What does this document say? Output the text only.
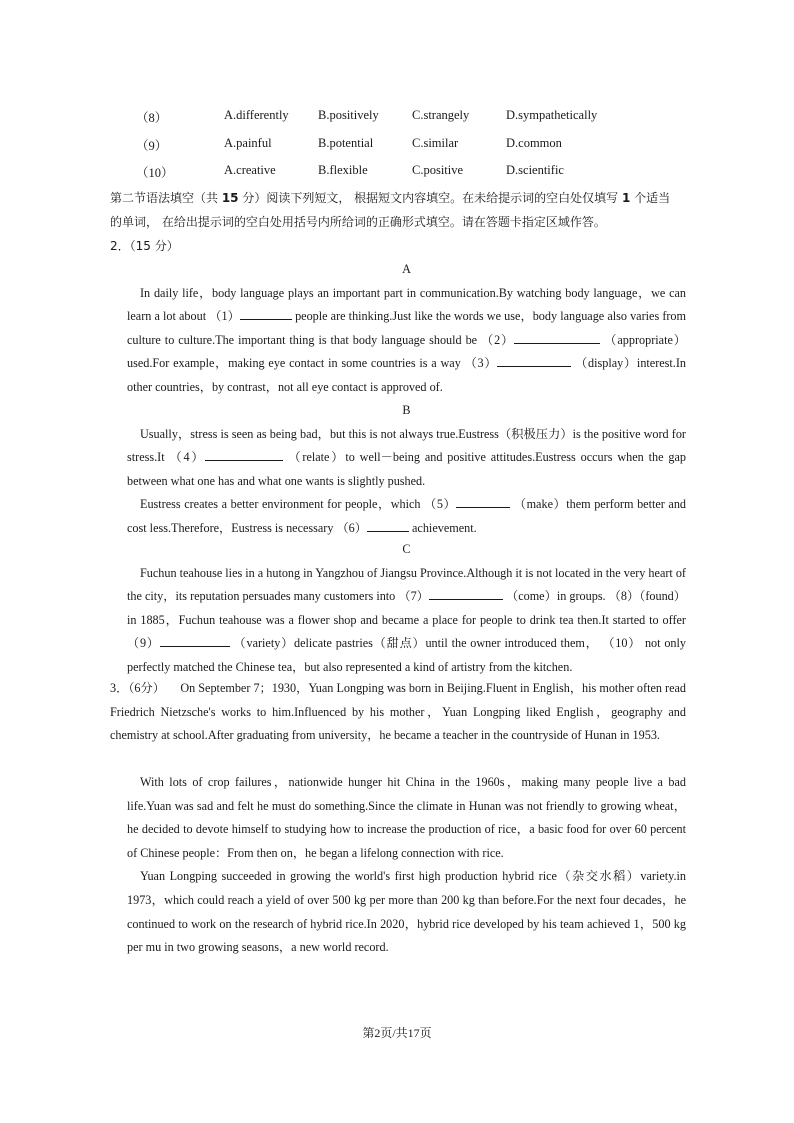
（8）	A.differently B.positively	C.strangely	D.sympathetically
（9）	A.painful	B.potential	C.similar	D.common
（10）	A.creative	B.flexible	C.positive	D.scientific
第二节语法填空（共 15 分）阅读下列短文， 根据短文内容填空。在未给提示词的空白处仅填写 1 个适当
的单词， 在给出提示词的空白处用括号内所给词的正确形式填空。请在答题卡指定区域作答。
2．（15 分）

A

In daily life，body language plays an important part in communication.By watching body language，we can learn a lot about （1）	people are thinking.Just like the words we use，body language also varies from culture to culture.The important thing is that body language should be （2）	（appropriate） used.For example，making eye contact in some countries is a way （3）	（display）interest.In other countries，by contrast，not all eye contact is approved of.

B

Usually，stress is seen as being bad，but this is not always true.Eustress（积极压力）is the positive word for stress.It （4）	（relate）to well－being and positive attitudes.Eustress occurs when the gap between what one has and what one wants is slightly pushed.

Eustress creates a better environment for people，which （5）	（make）them perform better and cost less.Therefore，Eustress is necessary （6）	achievement.

C

Fuchun teahouse lies in a hutong in Yangzhou of Jiangsu Province.Although it is not located in the very heart of the city，its reputation persuades many customers into （7）	（come）in groups. （8）（found）in 1885，Fuchun teahouse was a flower shop and became a place for people to drink tea then.It started to offer （9）	（variety）delicate pastries（甜点）until the owner introduced them， （10） not only perfectly matched the Chinese tea，but also represented a kind of artistry from the kitchen.

3．（6分） On September 7；1930，Yuan Longping was born in Beijing.Fluent in English，his mother often read Friedrich Nietzsche's works to him.Influenced by his mother，Yuan Longping liked English，geography and chemistry at school.After graduating from university，he became a teacher in the countryside of Hunan in 1953.

With lots of crop failures，nationwide hunger hit China in the 1960s，making many people live a bad life.Yuan was sad and felt he must do something.Since the climate in Hunan was not friendly to growing wheat，he decided to devote himself to studying how to increase the production of rice，a basic food for over 60 percent of Chinese people：From then on，he began a lifelong connection with rice.

Yuan Longping succeeded in growing the world's first high production hybrid rice（杂交水稻）variety.in 1973，which could reach a yield of over 500 kg per more than 200 kg than before.For the next four decades，he continued to work on the research of hybrid rice.In 2020，hybrid rice developed by his team achieved 1，500 kg per mu in two growing seasons，a new world record.

第2页/共17页
